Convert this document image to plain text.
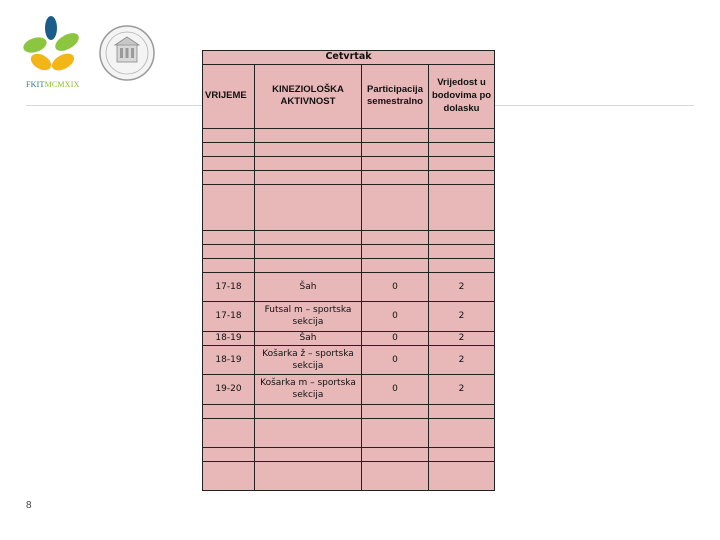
FKITMCMXIX
Četvrtak			
VRIJEME	KINEZIOLOŠKA AKTIVNOST	Participacija semestralno	Vrijedost u bodovima po dolasku

17-18	Šah	0	2
17-18	Futsal m – sportska sekcija	0	2
18-19	Šah	0	2
18-19	Košarka ž – sportska sekcija	0	2
19-20	Košarka m – sportska sekcija	0	2

8
